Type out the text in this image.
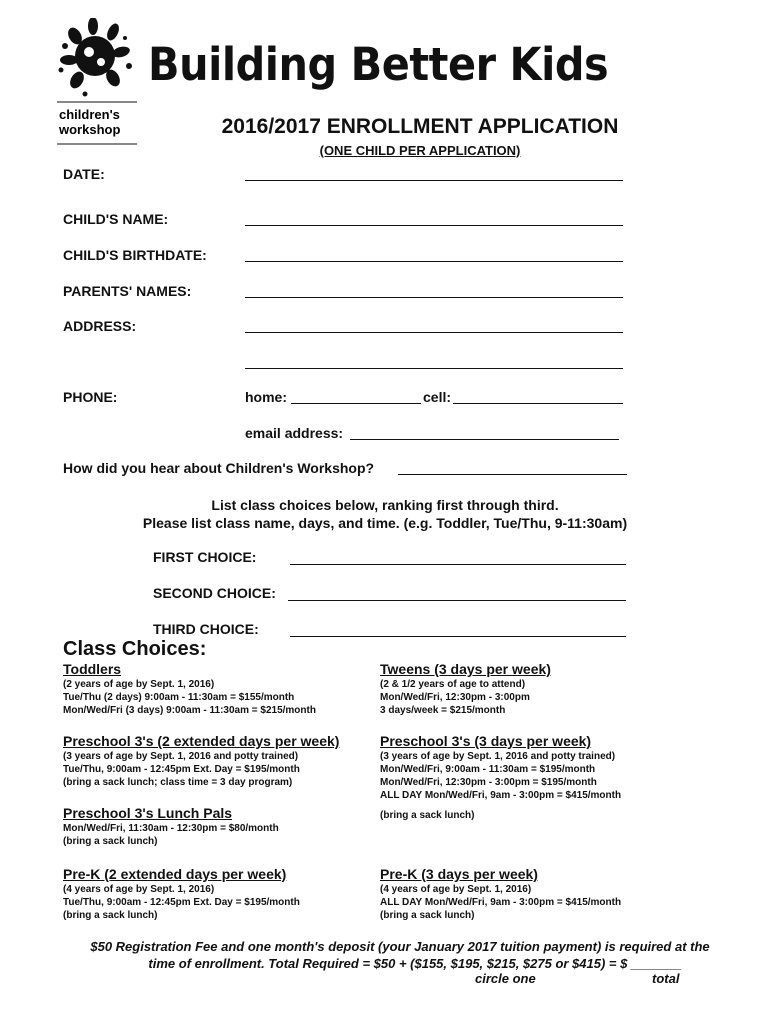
children's
workshop
Building Better Kids
2016/2017 ENROLLMENT APPLICATION
(ONE CHILD PER APPLICATION)
DATE:
CHILD'S NAME:
CHILD'S BIRTHDATE:
PARENTS' NAMES:
ADDRESS:
PHONE:	home:	cell:
email address:
How did you hear about Children's Workshop?
List class choices below, ranking first through third.
Please list class name, days, and time. (e.g. Toddler, Tue/Thu, 9-11:30am)
FIRST CHOICE:
SECOND CHOICE:
THIRD CHOICE:
Class Choices:
Toddlers
(2 years of age by Sept. 1, 2016)
Tue/Thu (2 days) 9:00am - 11:30am = $155/month
Mon/Wed/Fri (3 days) 9:00am - 11:30am = $215/month
Tweens (3 days per week)
(2 & 1/2 years of age to attend)
Mon/Wed/Fri, 12:30pm - 3:00pm
3 days/week = $215/month
Preschool 3's (2 extended days per week)
(3 years of age by Sept. 1, 2016 and potty trained)
Tue/Thu, 9:00am - 12:45pm Ext. Day = $195/month
(bring a sack lunch; class time = 3 day program)
Preschool 3's (3 days per week)
(3 years of age by Sept. 1, 2016 and potty trained)
Mon/Wed/Fri, 9:00am - 11:30am = $195/month
Mon/Wed/Fri, 12:30pm - 3:00pm = $195/month
ALL DAY Mon/Wed/Fri, 9am - 3:00pm = $415/month
(bring a sack lunch)
Preschool 3's Lunch Pals
Mon/Wed/Fri, 11:30am - 12:30pm = $80/month
(bring a sack lunch)
Pre-K (2 extended days per week)
(4 years of age by Sept. 1, 2016)
Tue/Thu, 9:00am - 12:45pm Ext. Day = $195/month
(bring a sack lunch)
Pre-K (3 days per week)
(4 years of age by Sept. 1, 2016)
ALL DAY Mon/Wed/Fri, 9am - 3:00pm = $415/month
(bring a sack lunch)
$50 Registration Fee and one month's deposit (your January 2017 tuition payment) is required at the
time of enrollment. Total Required = $50 + ($155, $195, $215, $275 or $415) = $ _______
circle one	total
